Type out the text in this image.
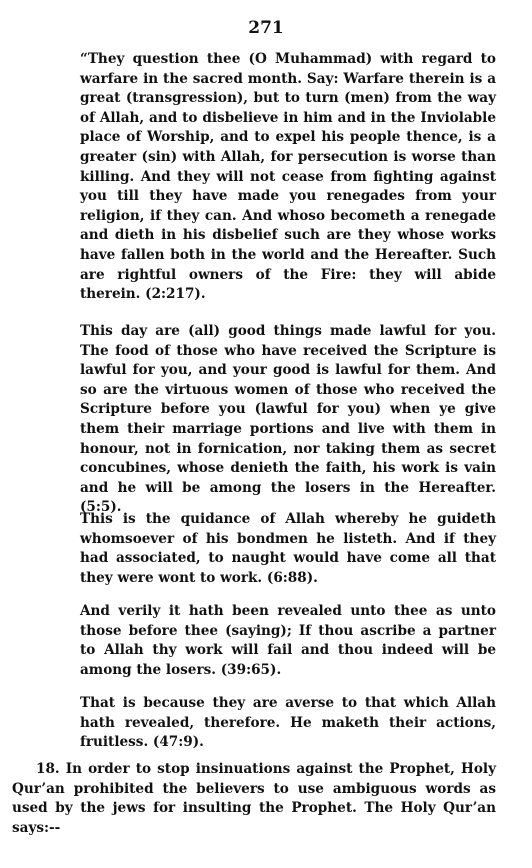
271

“They question thee (O Muhammad) with regard to warfare in the sacred month. Say: Warfare therein is a great (transgression), but to turn (men) from the way of Allah, and to disbelieve in him and in the Inviolable place of Worship, and to expel his people thence, is a greater (sin) with Allah, for persecution is worse than killing. And they will not cease from fighting against you till they have made you renegades from your religion, if they can. And whoso becometh a renegade and dieth in his disbelief such are they whose works have fallen both in the world and the Hereafter. Such are rightful owners of the Fire: they will abide therein. (2:217).

This day are (all) good things made lawful for you. The food of those who have received the Scripture is lawful for you, and your good is lawful for them. And so are the virtuous women of those who received the Scripture before you (lawful for you) when ye give them their marriage portions and live with them in honour, not in fornication, nor taking them as secret concubines, whose denieth the faith, his work is vain and he will be among the losers in the Hereafter. (5:5).

This is the quidance of Allah whereby he guideth whomsoever of his bondmen he listeth. And if they had associated, to naught would have come all that they were wont to work. (6:88).

And verily it hath been revealed unto thee as unto those before thee (saying); If thou ascribe a partner to Allah thy work will fail and thou indeed will be among the losers. (39:65).

That is because they are averse to that which Allah hath revealed, therefore. He maketh their actions, fruitless. (47:9).

18. In order to stop insinuations against the Prophet, Holy Qur’an prohibited the believers to use ambiguous words as used by the jews for insulting the Prophet. The Holy Qur’an says:--
